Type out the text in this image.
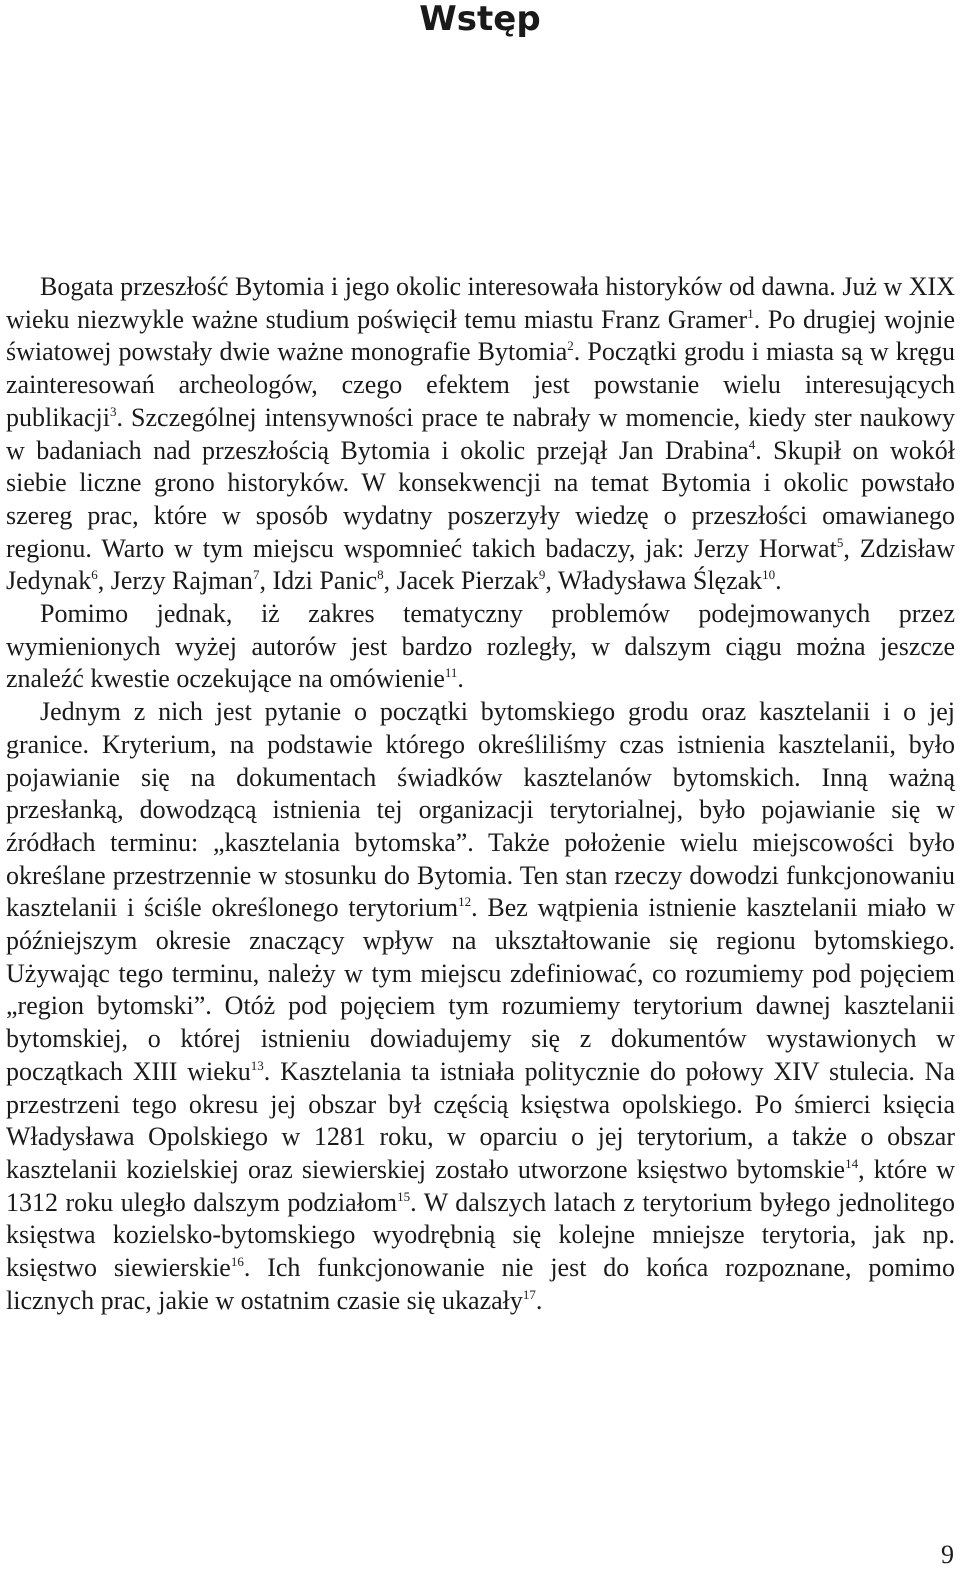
Wstęp

Bogata przeszłość Bytomia i jego okolic interesowała historyków od dawna. Już w XIX wieku niezwykle ważne studium poświęcił temu miastu Franz Gramer$^1$. Po drugiej wojnie światowej powstały dwie ważne monografie Bytomia$^2$. Początki grodu i miasta są w kręgu zainteresowań archeologów, czego efektem jest powstanie wielu interesujących publikacji$^3$. Szczególnej intensywności prace te nabrały w momencie, kiedy ster naukowy w badaniach nad przeszłością Bytomia i okolic przejął Jan Drabina$^4$. Skupił on wokół siebie liczne grono historyków. W konsekwencji na temat Bytomia i okolic powstało szereg prac, które w sposób wydatny poszerzyły wiedzę o przeszłości omawianego regionu. Warto w tym miejscu wspomnieć takich badaczy, jak: Jerzy Horwat$^5$, Zdzisław Jedynak$^6$, Jerzy Rajman$^7$, Idzi Panic$^8$, Jacek Pierzak$^9$, Władysława Ślęzak$^{10}$.

Pomimo jednak, iż zakres tematyczny problemów podejmowanych przez wymienionych wyżej autorów jest bardzo rozległy, w dalszym ciągu można jeszcze znaleźć kwestie oczekujące na omówienie$^{11}$.

Jednym z nich jest pytanie o początki bytomskiego grodu oraz kasztelanii i o jej granice. Kryterium, na podstawie którego określiliśmy czas istnienia kasztelanii, było pojawianie się na dokumentach świadków kasztelanów bytomskich. Inną ważną przesłanką, dowodzącą istnienia tej organizacji terytorialnej, było pojawianie się w źródłach terminu: „kasztelania bytomska”. Także położenie wielu miejscowości było określane przestrzennie w stosunku do Bytomia. Ten stan rzeczy dowodzi funkcjonowaniu kasztelanii i ściśle określonego terytorium$^{12}$. Bez wątpienia istnienie kasztelanii miało w późniejszym okresie znaczący wpływ na ukształtowanie się regionu bytomskiego. Używając tego terminu, należy w tym miejscu zdefiniować, co rozumiemy pod pojęciem „region bytomski”. Otóż pod pojęciem tym rozumiemy terytorium dawnej kasztelanii bytomskiej, o której istnieniu dowiadujemy się z dokumentów wystawionych w początkach XIII wieku$^{13}$. Kasztelania ta istniała politycznie do połowy XIV stulecia. Na przestrzeni tego okresu jej obszar był częścią księstwa opolskiego. Po śmierci księcia Władysława Opolskiego w 1281 roku, w oparciu o jej terytorium, a także o obszar kasztelanii kozielskiej oraz siewierskiej zostało utworzone księstwo bytomskie$^{14}$, które w 1312 roku uległo dalszym podziałom$^{15}$. W dalszych latach z terytorium byłego jednolitego księstwa kozielsko-bytomskiego wyodrębnią się kolejne mniejsze terytoria, jak np. księstwo siewierskie$^{16}$. Ich funkcjonowanie nie jest do końca rozpoznane, pomimo licznych prac, jakie w ostatnim czasie się ukazały$^{17}$.

9
